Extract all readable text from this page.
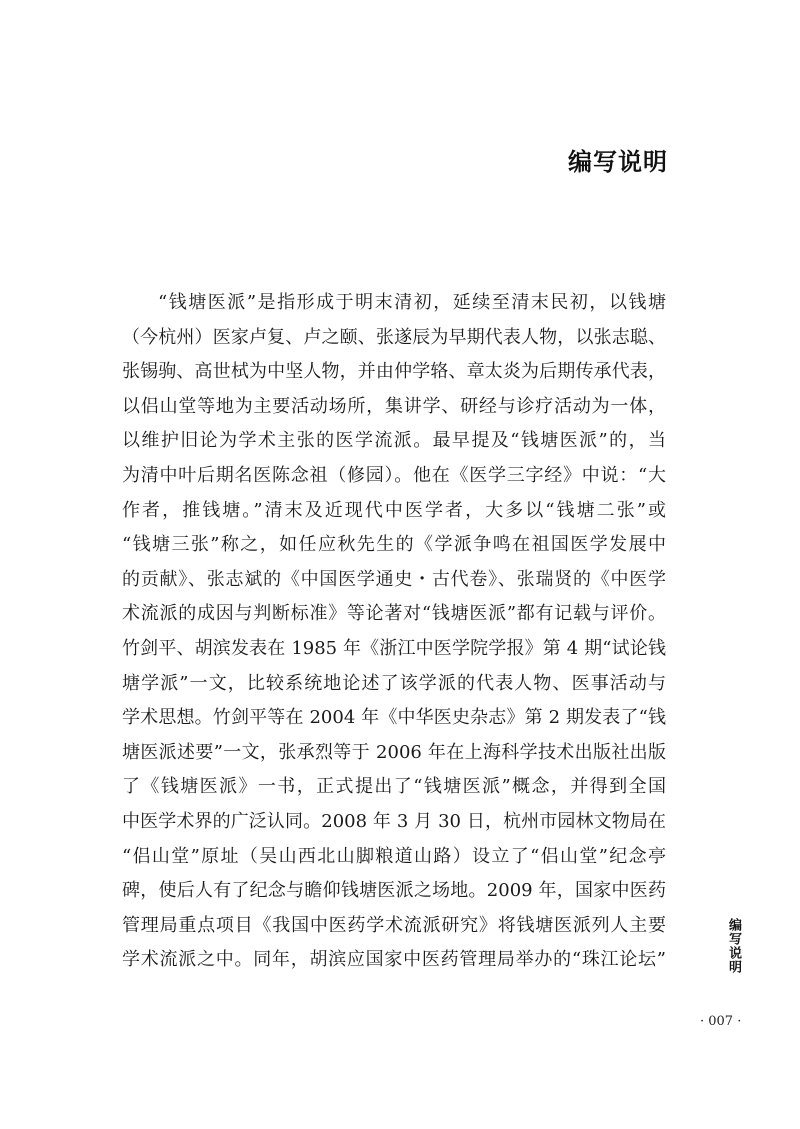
编写说明
“钱塘医派”是指形成于明末清初，延续至清末民初，以钱塘
（今杭州）医家卢复、卢之颐、张遂辰为早期代表人物，以张志聪、
张锡驹、高世栻为中坚人物，并由仲学辂、章太炎为后期传承代表，
以侣山堂等地为主要活动场所，集讲学、研经与诊疗活动为一体，
以维护旧论为学术主张的医学流派。最早提及“钱塘医派”的，当
为清中叶后期名医陈念祖（修园）。他在《医学三字经》中说：“大
作者，推钱塘。”清末及近现代中医学者，大多以“钱塘二张”或
“钱塘三张”称之，如任应秋先生的《学派争鸣在祖国医学发展中
的贡献》、张志斌的《中国医学通史・古代卷》、张瑞贤的《中医学
术流派的成因与判断标准》等论著对“钱塘医派”都有记载与评价。
竹剑平、胡滨发表在 1985 年《浙江中医学院学报》第 4 期“试论钱
塘学派”一文，比较系统地论述了该学派的代表人物、医事活动与
学术思想。竹剑平等在 2004 年《中华医史杂志》第 2 期发表了“钱
塘医派述要”一文，张承烈等于 2006 年在上海科学技术出版社出版
了《钱塘医派》一书，正式提出了“钱塘医派”概念，并得到全国
中医学术界的广泛认同。2008 年 3 月 30 日，杭州市园林文物局在
“侣山堂”原址（吴山西北山脚粮道山路）设立了“侣山堂”纪念亭
碑，使后人有了纪念与瞻仰钱塘医派之场地。2009 年，国家中医药
管理局重点项目《我国中医药学术流派研究》将钱塘医派列人主要
学术流派之中。同年，胡滨应国家中医药管理局举办的“珠江论坛”	编写说明
· 007 ·
